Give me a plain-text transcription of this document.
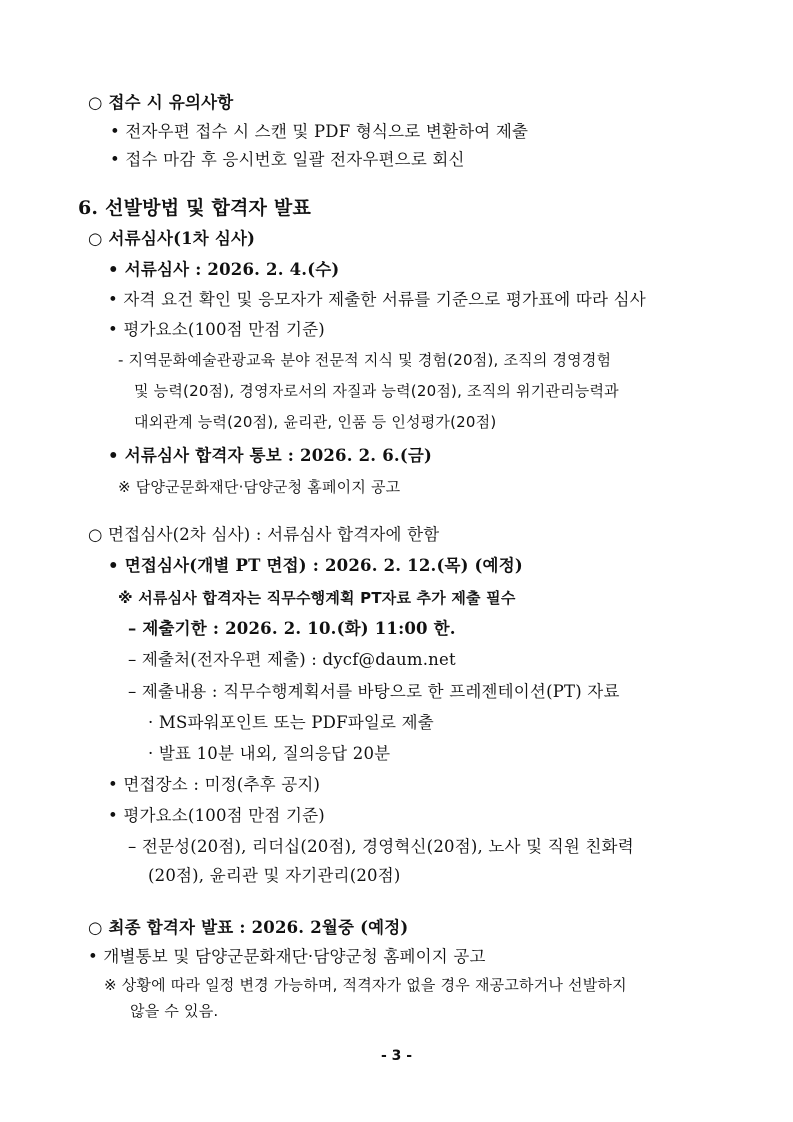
○ 접수 시 유의사항
• 전자우편 접수 시 스캔 및 PDF 형식으로 변환하여 제출
• 접수 마감 후 응시번호 일괄 전자우편으로 회신
6. 선발방법 및 합격자 발표
○ 서류심사(1차 심사)
• 서류심사 : 2026. 2. 4.(수)
• 자격 요건 확인 및 응모자가 제출한 서류를 기준으로 평가표에 따라 심사
• 평가요소(100점 만점 기준)
- 지역문화예술관광교육 분야 전문적 지식 및 경험(20점), 조직의 경영경험
및 능력(20점), 경영자로서의 자질과 능력(20점), 조직의 위기관리능력과
대외관계 능력(20점), 윤리관, 인품 등 인성평가(20점)
• 서류심사 합격자 통보 : 2026. 2. 6.(금)
※ 담양군문화재단·담양군청 홈페이지 공고
○ 면접심사(2차 심사) : 서류심사 합격자에 한함
• 면접심사(개별 PT 면접) : 2026. 2. 12.(목) (예정)
※ 서류심사 합격자는 직무수행계획 PT자료 추가 제출 필수
– 제출기한 : 2026. 2. 10.(화) 11:00 한.
– 제출처(전자우편 제출) : dycf@daum.net
– 제출내용 : 직무수행계획서를 바탕으로 한 프레젠테이션(PT) 자료
· MS파워포인트 또는 PDF파일로 제출
· 발표 10분 내외, 질의응답 20분
• 면접장소 : 미정(추후 공지)
• 평가요소(100점 만점 기준)
– 전문성(20점), 리더십(20점), 경영혁신(20점), 노사 및 직원 친화력
(20점), 윤리관 및 자기관리(20점)
○ 최종 합격자 발표 : 2026. 2월중 (예정)
• 개별통보 및 담양군문화재단·담양군청 홈페이지 공고
※ 상황에 따라 일정 변경 가능하며, 적격자가 없을 경우 재공고하거나 선발하지
않을 수 있음.
- 3 -
